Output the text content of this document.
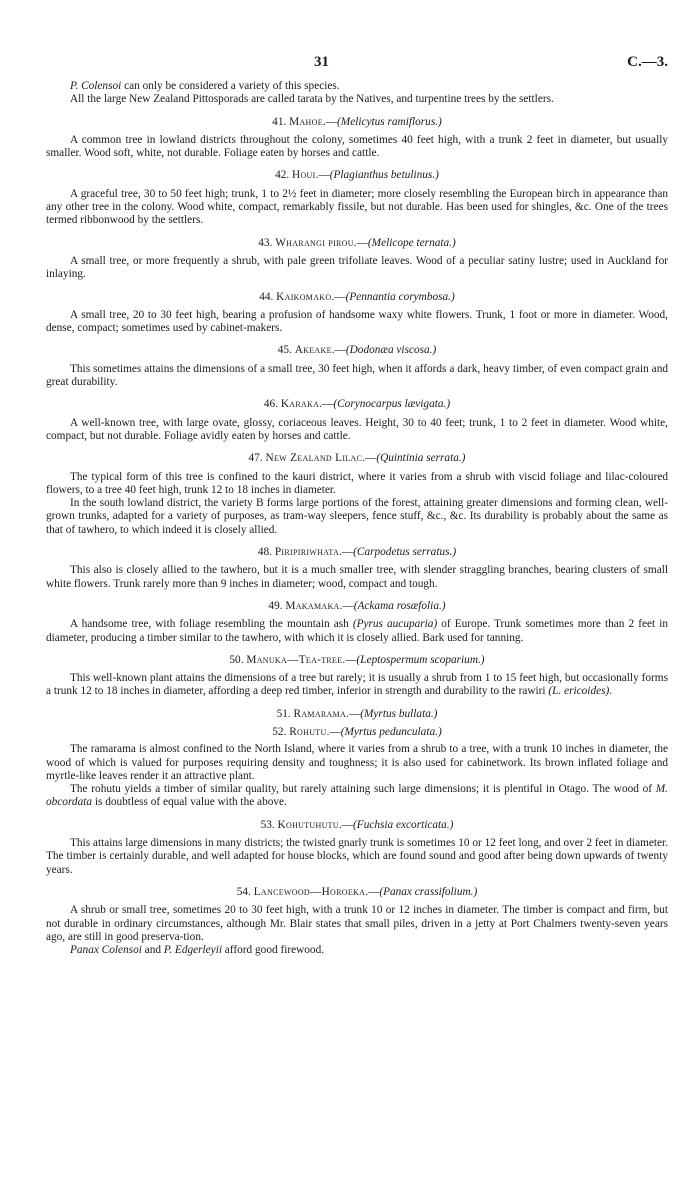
31	C.—3.

P. Colensoi can only be considered a variety of this species.

All the large New Zealand Pittosporads are called tarata by the Natives, and turpentine trees by the settlers.

41. Mahoe.—(Melicytus ramiflorus.)

A common tree in lowland districts throughout the colony, sometimes 40 feet high, with a trunk 2 feet in diameter, but usually smaller. Wood soft, white, not durable. Foliage eaten by horses and cattle.

42. Houi.—(Plagianthus betulinus.)

A graceful tree, 30 to 50 feet high; trunk, 1 to 2½ feet in diameter; more closely resembling the European birch in appearance than any other tree in the colony. Wood white, compact, remarkably fissile, but not durable. Has been used for shingles, &c. One of the trees termed ribbonwood by the settlers.

43. Wharangi pirou.—(Melicope ternata.)

A small tree, or more frequently a shrub, with pale green trifoliate leaves. Wood of a peculiar satiny lustre; used in Auckland for inlaying.

44. Kaikomako.—(Pennantia corymbosa.)

A small tree, 20 to 30 feet high, bearing a profusion of handsome waxy white flowers. Trunk, 1 foot or more in diameter. Wood, dense, compact; sometimes used by cabinet-makers.

45. Akeake.—(Dodonæa viscosa.)

This sometimes attains the dimensions of a small tree, 30 feet high, when it affords a dark, heavy timber, of even compact grain and great durability.

46. Karaka.—(Corynocarpus lævigata.)

A well-known tree, with large ovate, glossy, coriaceous leaves. Height, 30 to 40 feet; trunk, 1 to 2 feet in diameter. Wood white, compact, but not durable. Foliage avidly eaten by horses and cattle.

47. New Zealand Lilac.—(Quintinia serrata.)

The typical form of this tree is confined to the kauri district, where it varies from a shrub with viscid foliage and lilac-coloured flowers, to a tree 40 feet high, trunk 12 to 18 inches in diameter.

In the south lowland district, the variety B forms large portions of the forest, attaining greater dimensions and forming clean, well-grown trunks, adapted for a variety of purposes, as tram-way sleepers, fence stuff, &c., &c. Its durability is probably about the same as that of tawhero, to which indeed it is closely allied.

48. Piripiriwhata.—(Carpodetus serratus.)

This also is closely allied to the tawhero, but it is a much smaller tree, with slender straggling branches, bearing clusters of small white flowers. Trunk rarely more than 9 inches in diameter; wood, compact and tough.

49. Makamaka.—(Ackama rosæfolia.)

A handsome tree, with foliage resembling the mountain ash (Pyrus aucuparia) of Europe. Trunk sometimes more than 2 feet in diameter, producing a timber similar to the tawhero, with which it is closely allied. Bark used for tanning.

50. Manuka—Tea-tree.—(Leptospermum scoparium.)

This well-known plant attains the dimensions of a tree but rarely; it is usually a shrub from 1 to 15 feet high, but occasionally forms a trunk 12 to 18 inches in diameter, affording a deep red timber, inferior in strength and durability to the rawiri (L. ericoides).

51. Ramarama.—(Myrtus bullata.)
52. Rohutu.—(Myrtus pedunculata.)

The ramarama is almost confined to the North Island, where it varies from a shrub to a tree, with a trunk 10 inches in diameter, the wood of which is valued for purposes requiring density and toughness; it is also used for cabinetwork. Its brown inflated foliage and myrtle-like leaves render it an attractive plant.

The rohutu yields a timber of similar quality, but rarely attaining such large dimensions; it is plentiful in Otago. The wood of M. obcordata is doubtless of equal value with the above.

53. Kohutuhutu.—(Fuchsia excorticata.)

This attains large dimensions in many districts; the twisted gnarly trunk is sometimes 10 or 12 feet long, and over 2 feet in diameter. The timber is certainly durable, and well adapted for house blocks, which are found sound and good after being down upwards of twenty years.

54. Lancewood—Horoeka.—(Panax crassifolium.)

A shrub or small tree, sometimes 20 to 30 feet high, with a trunk 10 or 12 inches in diameter. The timber is compact and firm, but not durable in ordinary circumstances, although Mr. Blair states that small piles, driven in a jetty at Port Chalmers twenty-seven years ago, are still in good preserva-tion.

Panax Colensoi and P. Edgerleyii afford good firewood.
